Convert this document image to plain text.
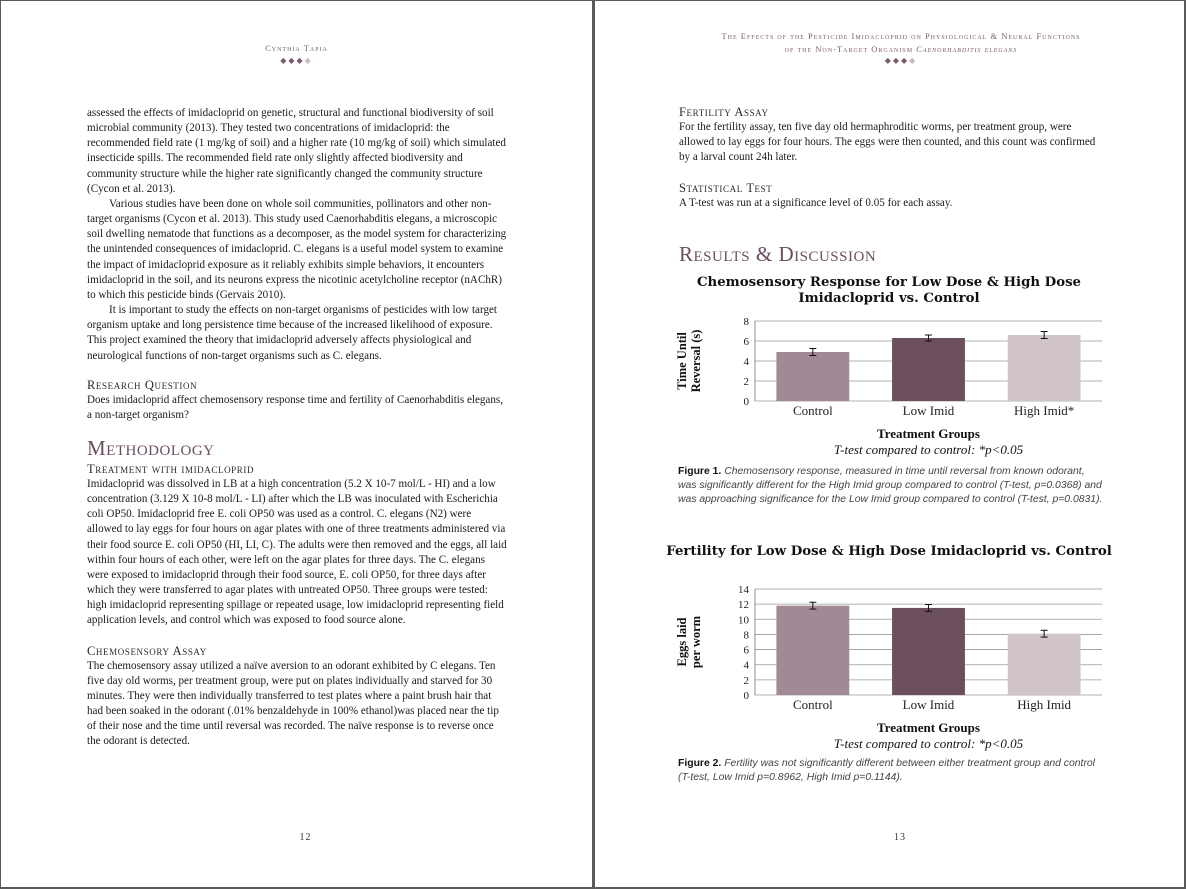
Cynthia Tapia
◆◆◆◆

assessed the effects of imidacloprid on genetic, structural and functional biodiversity of soil microbial community (2013). They tested two concentrations of imidacloprid: the recommended field rate (1 mg/kg of soil) and a higher rate (10 mg/kg of soil) which simulated insecticide spills. The recommended field rate only slightly affected biodiversity and community structure while the higher rate significantly changed the community structure (Cycon et al. 2013).

Various studies have been done on whole soil communities, pollinators and other non-target organisms (Cycon et al. 2013). This study used Caenorhabditis elegans, a microscopic soil dwelling nematode that functions as a decomposer, as the model system for characterizing the unintended consequences of imidacloprid. C. elegans is a useful model system to examine the impact of imidacloprid exposure as it reliably exhibits simple behaviors, it encounters imidacloprid in the soil, and its neurons express the nicotinic acetylcholine receptor (nAChR) to which this pesticide binds (Gervais 2010).

It is important to study the effects on non-target organisms of pesticides with low target organism uptake and long persistence time because of the increased likelihood of exposure. This project examined the theory that imidacloprid adversely affects physiological and neurological functions of non-target organisms such as C. elegans.

Research Question

Does imidacloprid affect chemosensory response time and fertility of Caenorhabditis elegans, a non-target organism?

Methodology
Treatment with imidacloprid

Imidacloprid was dissolved in LB at a high concentration (5.2 X 10-7 mol/L - HI) and a low concentration (3.129 X 10-8 mol/L - LI) after which the LB was inoculated with Escherichia coli OP50. Imidacloprid free E. coli OP50 was used as a control. C. elegans (N2) were allowed to lay eggs for four hours on agar plates with one of three treatments administered via their food source E. coli OP50 (HI, LI, C). The adults were then removed and the eggs, all laid within four hours of each other, were left on the agar plates for three days. The C. elegans were exposed to imidacloprid through their food source, E. coli OP50, for three days after which they were transferred to agar plates with untreated OP50. Three groups were tested: high imidacloprid representing spillage or repeated usage, low imidacloprid representing field application levels, and control which was exposed to food source alone.

Chemosensory Assay

The chemosensory assay utilized a naïve aversion to an odorant exhibited by C elegans. Ten five day old worms, per treatment group, were put on plates individually and starved for 30 minutes. They were then individually transferred to test plates where a paint brush hair that had been soaked in the odorant (.01% benzaldehyde in 100% ethanol)was placed near the tip of their nose and the time until reversal was recorded. The naïve response is to reverse once the odorant is detected.

12
The Effects of the Pesticide Imidacloprid on Physiological & Neural Functions
of the Non-Target Organism Caenorhabditis elegans
◆◆◆◆
Fertility Assay

For the fertility assay, ten five day old hermaphroditic worms, per treatment group, were allowed to lay eggs for four hours. The eggs were then counted, and this count was confirmed by a larval count 24h later.

Statistical Test

A T-test was run at a significance level of 0.05 for each assay.

Results & Discussion
Chemosensory Response for Low Dose & High Dose Imidacloprid vs. Control
0
2
4
6
8
Control	Low Imid	High Imid*
Treatment Groups
T-test compared to control: *p<0.05
Time UntilReversal (s)
Figure 1. Chemosensory response, measured in time until reversal from known odorant, was significantly different for the High Imid group compared to control (T-test, p=0.0368) and was approaching significance for the Low Imid group compared to control (T-test, p=0.0831).
Fertility for Low Dose & High Dose Imidacloprid vs. Control
0
2
4
6
8
10
12
14
Control	Low Imid	High Imid
Treatment Groups
T-test compared to control: *p<0.05
Eggs laidper worm
Figure 2. Fertility was not significantly different between either treatment group and control (T-test, Low Imid p=0.8962, High Imid p=0.1144).
13
